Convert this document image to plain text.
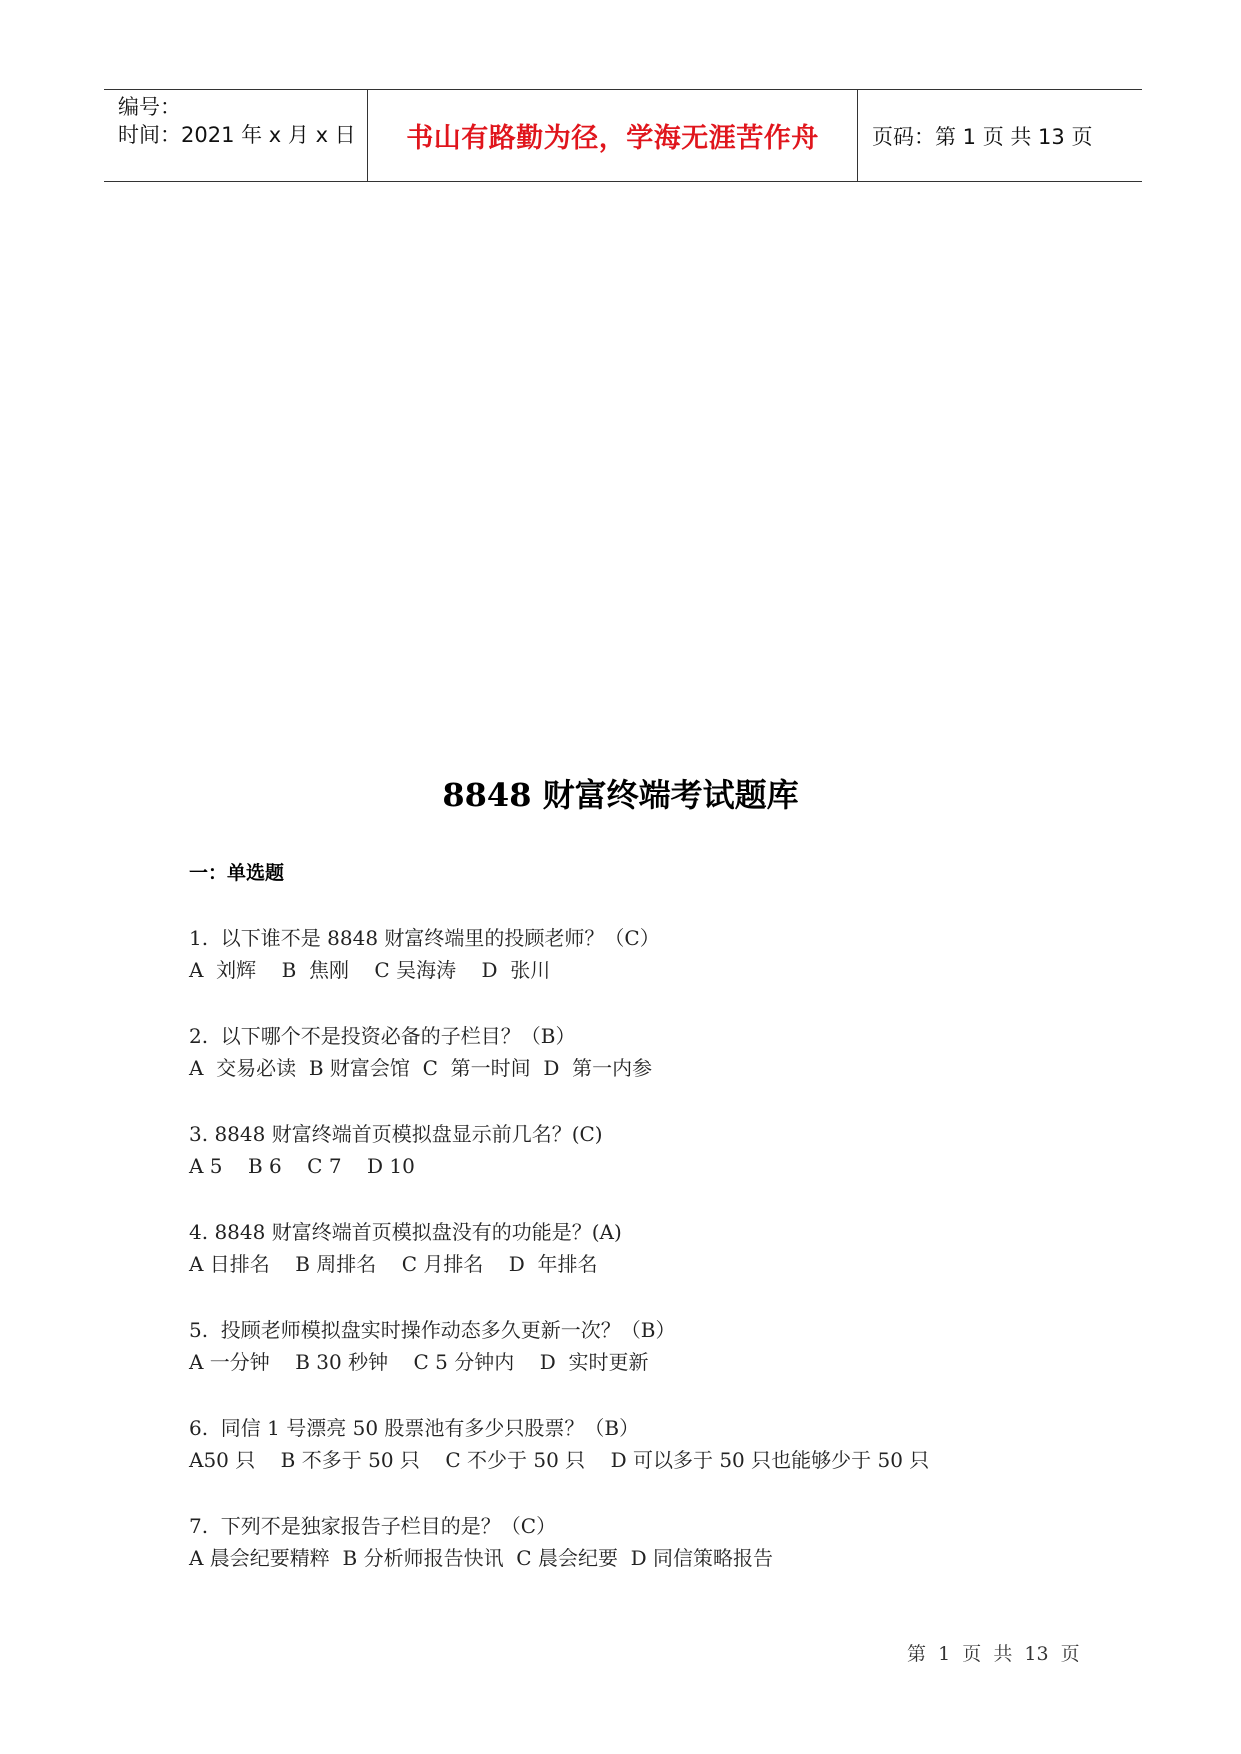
编号：
时间：2021 年 x 月 x 日	书山有路勤为径，学海无涯苦作舟	页码：第 1 页 共 13 页
8848 财富终端考试题库
一：单选题
1.  以下谁不是 8848 财富终端里的投顾老师？（C）
A  刘辉    B  焦刚    C 吴海涛    D  张川
2.  以下哪个不是投资必备的子栏目？（B）
A  交易必读  B 财富会馆  C  第一时间  D  第一内参
3. 8848 财富终端首页模拟盘显示前几名？(C)
A 5    B 6    C 7    D 10
4. 8848 财富终端首页模拟盘没有的功能是？(A)
A 日排名    B 周排名    C 月排名    D  年排名
5.  投顾老师模拟盘实时操作动态多久更新一次？（B）
A 一分钟    B 30 秒钟    C 5 分钟内    D  实时更新
6.  同信 1 号漂亮 50 股票池有多少只股票？（B）
A50 只    B 不多于 50 只    C 不少于 50 只    D 可以多于 50 只也能够少于 50 只
7.  下列不是独家报告子栏目的是？（C）
A 晨会纪要精粹  B 分析师报告快讯  C 晨会纪要  D 同信策略报告
第  1  页  共  13  页
